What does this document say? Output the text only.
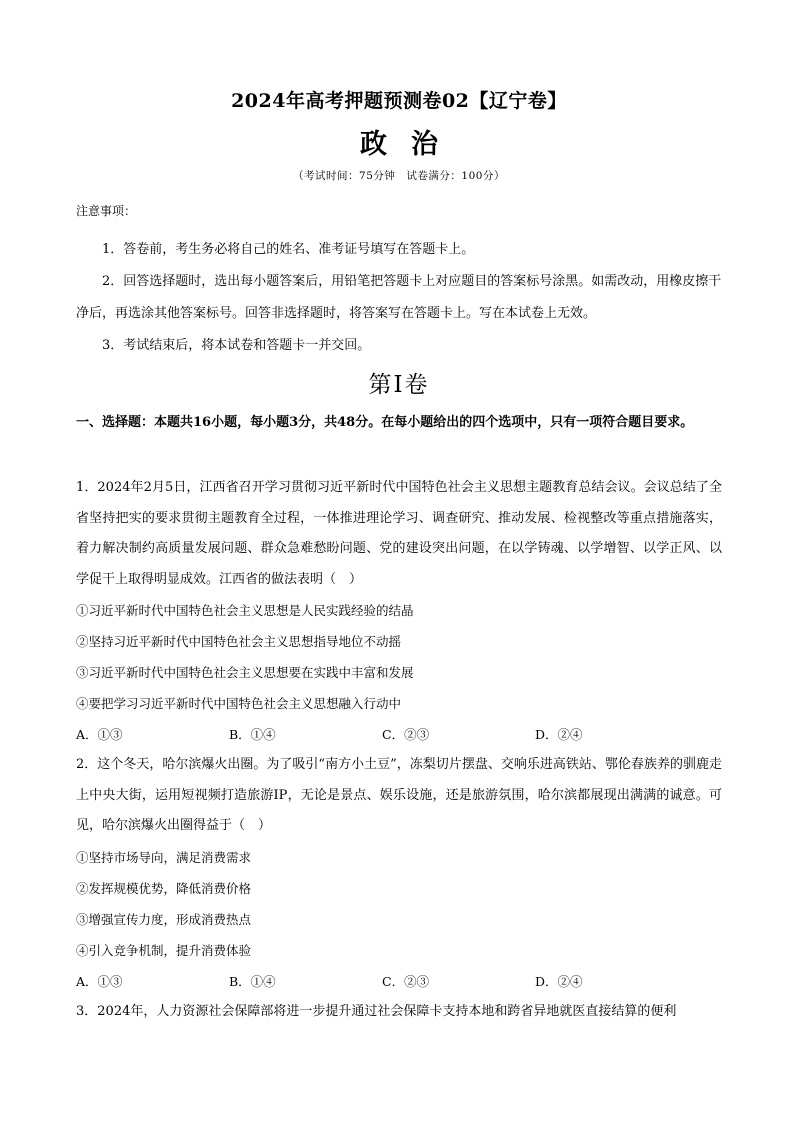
2024年高考押题预测卷02【辽宁卷】
政治
（考试时间：75分钟　试卷满分：100分）
注意事项：

1．答卷前，考生务必将自己的姓名、准考证号填写在答题卡上。

2．回答选择题时，选出每小题答案后，用铅笔把答题卡上对应题目的答案标号涂黑。如需改动，用橡皮擦干净后，再选涂其他答案标号。回答非选择题时，将答案写在答题卡上。写在本试卷上无效。

3．考试结束后，将本试卷和答题卡一并交回。

第Ⅰ卷

一、选择题：本题共16小题，每小题3分，共48分。在每小题给出的四个选项中，只有一项符合题目要求。

1．2024年2月5日，江西省召开学习贯彻习近平新时代中国特色社会主义思想主题教育总结会议。会议总结了全省坚持把实的要求贯彻主题教育全过程，一体推进理论学习、调查研究、推动发展、检视整改等重点措施落实，着力解决制约高质量发展问题、群众急难愁盼问题、党的建设突出问题，在以学铸魂、以学增智、以学正风、以学促干上取得明显成效。江西省的做法表明（　）

①习近平新时代中国特色社会主义思想是人民实践经验的结晶

②坚持习近平新时代中国特色社会主义思想指导地位不动摇

③习近平新时代中国特色社会主义思想要在实践中丰富和发展

④要把学习习近平新时代中国特色社会主义思想融入行动中

A．①③	B．①④	C．②③	D．②④

2．这个冬天，哈尔滨爆火出圈。为了吸引“南方小土豆”，冻梨切片摆盘、交响乐进高铁站、鄂伦春族养的驯鹿走上中央大街，运用短视频打造旅游IP，无论是景点、娱乐设施，还是旅游氛围，哈尔滨都展现出满满的诚意。可见，哈尔滨爆火出圈得益于（　）

①坚持市场导向，满足消费需求

②发挥规模优势，降低消费价格

③增强宣传力度，形成消费热点

④引入竞争机制，提升消费体验

A．①③	B．①④	C．②③	D．②④

3．2024年，人力资源社会保障部将进一步提升通过社会保障卡支持本地和跨省异地就医直接结算的便利
